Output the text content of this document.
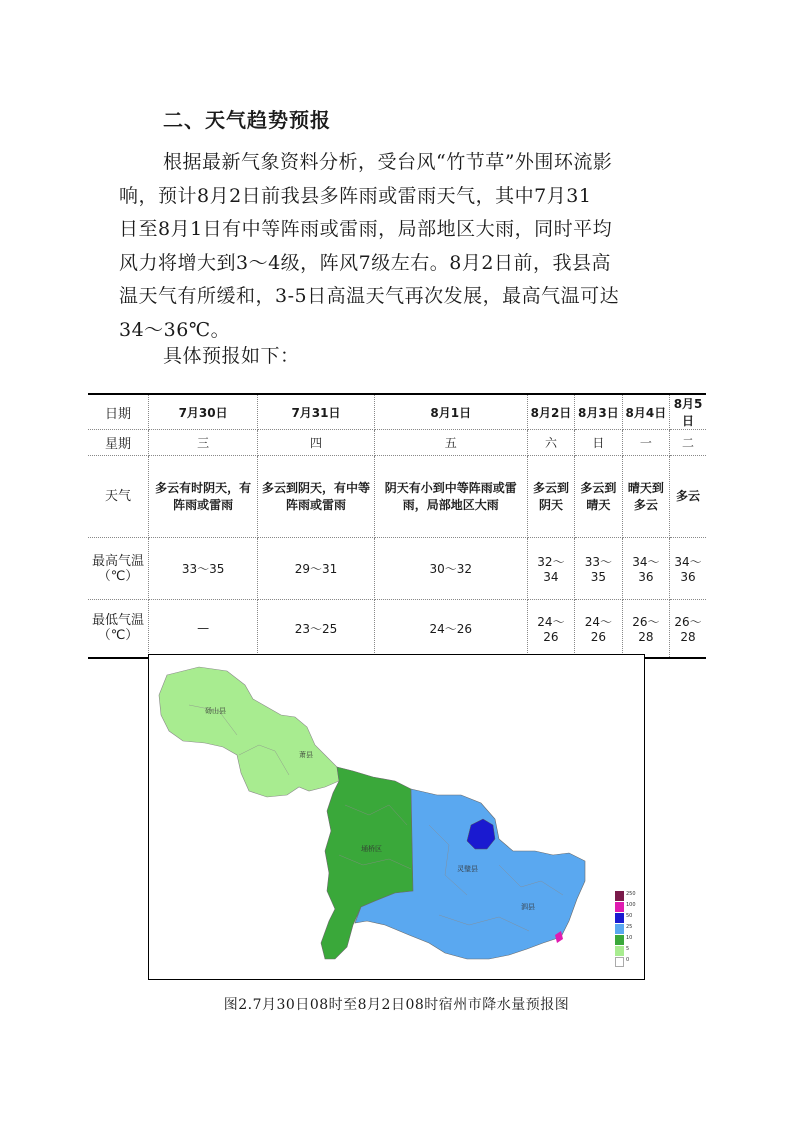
二、天气趋势预报

根据最新气象资料分析，受台风“竹节草”外围环流影

响，预计8月2日前我县多阵雨或雷雨天气，其中7月31

日至8月1日有中等阵雨或雷雨，局部地区大雨，同时平均

风力将增大到3～4级，阵风7级左右。8月2日前，我县高

温天气有所缓和，3-5日高温天气再次发展，最高气温可达

34～36℃。

具体预报如下：
日期	7月30日	7月31日	8月1日	8月2日	8月3日	8月4日	8月5日
星期	三	四	五	六	日	一	二
天气	多云有时阴天，有阵雨或雷雨	多云到阴天，有中等阵雨或雷雨	阴天有小到中等阵雨或雷雨，局部地区大雨	多云到阴天	多云到晴天	晴天到多云	多云
最高气温（℃）	33～35	29～31	30～32	32～34	33～35	34～36	34～36
最低气温（℃）	—	23～25	24～26	24～26	24～26	26～28	26～28
砀山县
萧县
埇桥区
灵璧县
泗县
250
100
50
25
10
5
0
图2.7月30日08时至8月2日08时宿州市降水量预报图
